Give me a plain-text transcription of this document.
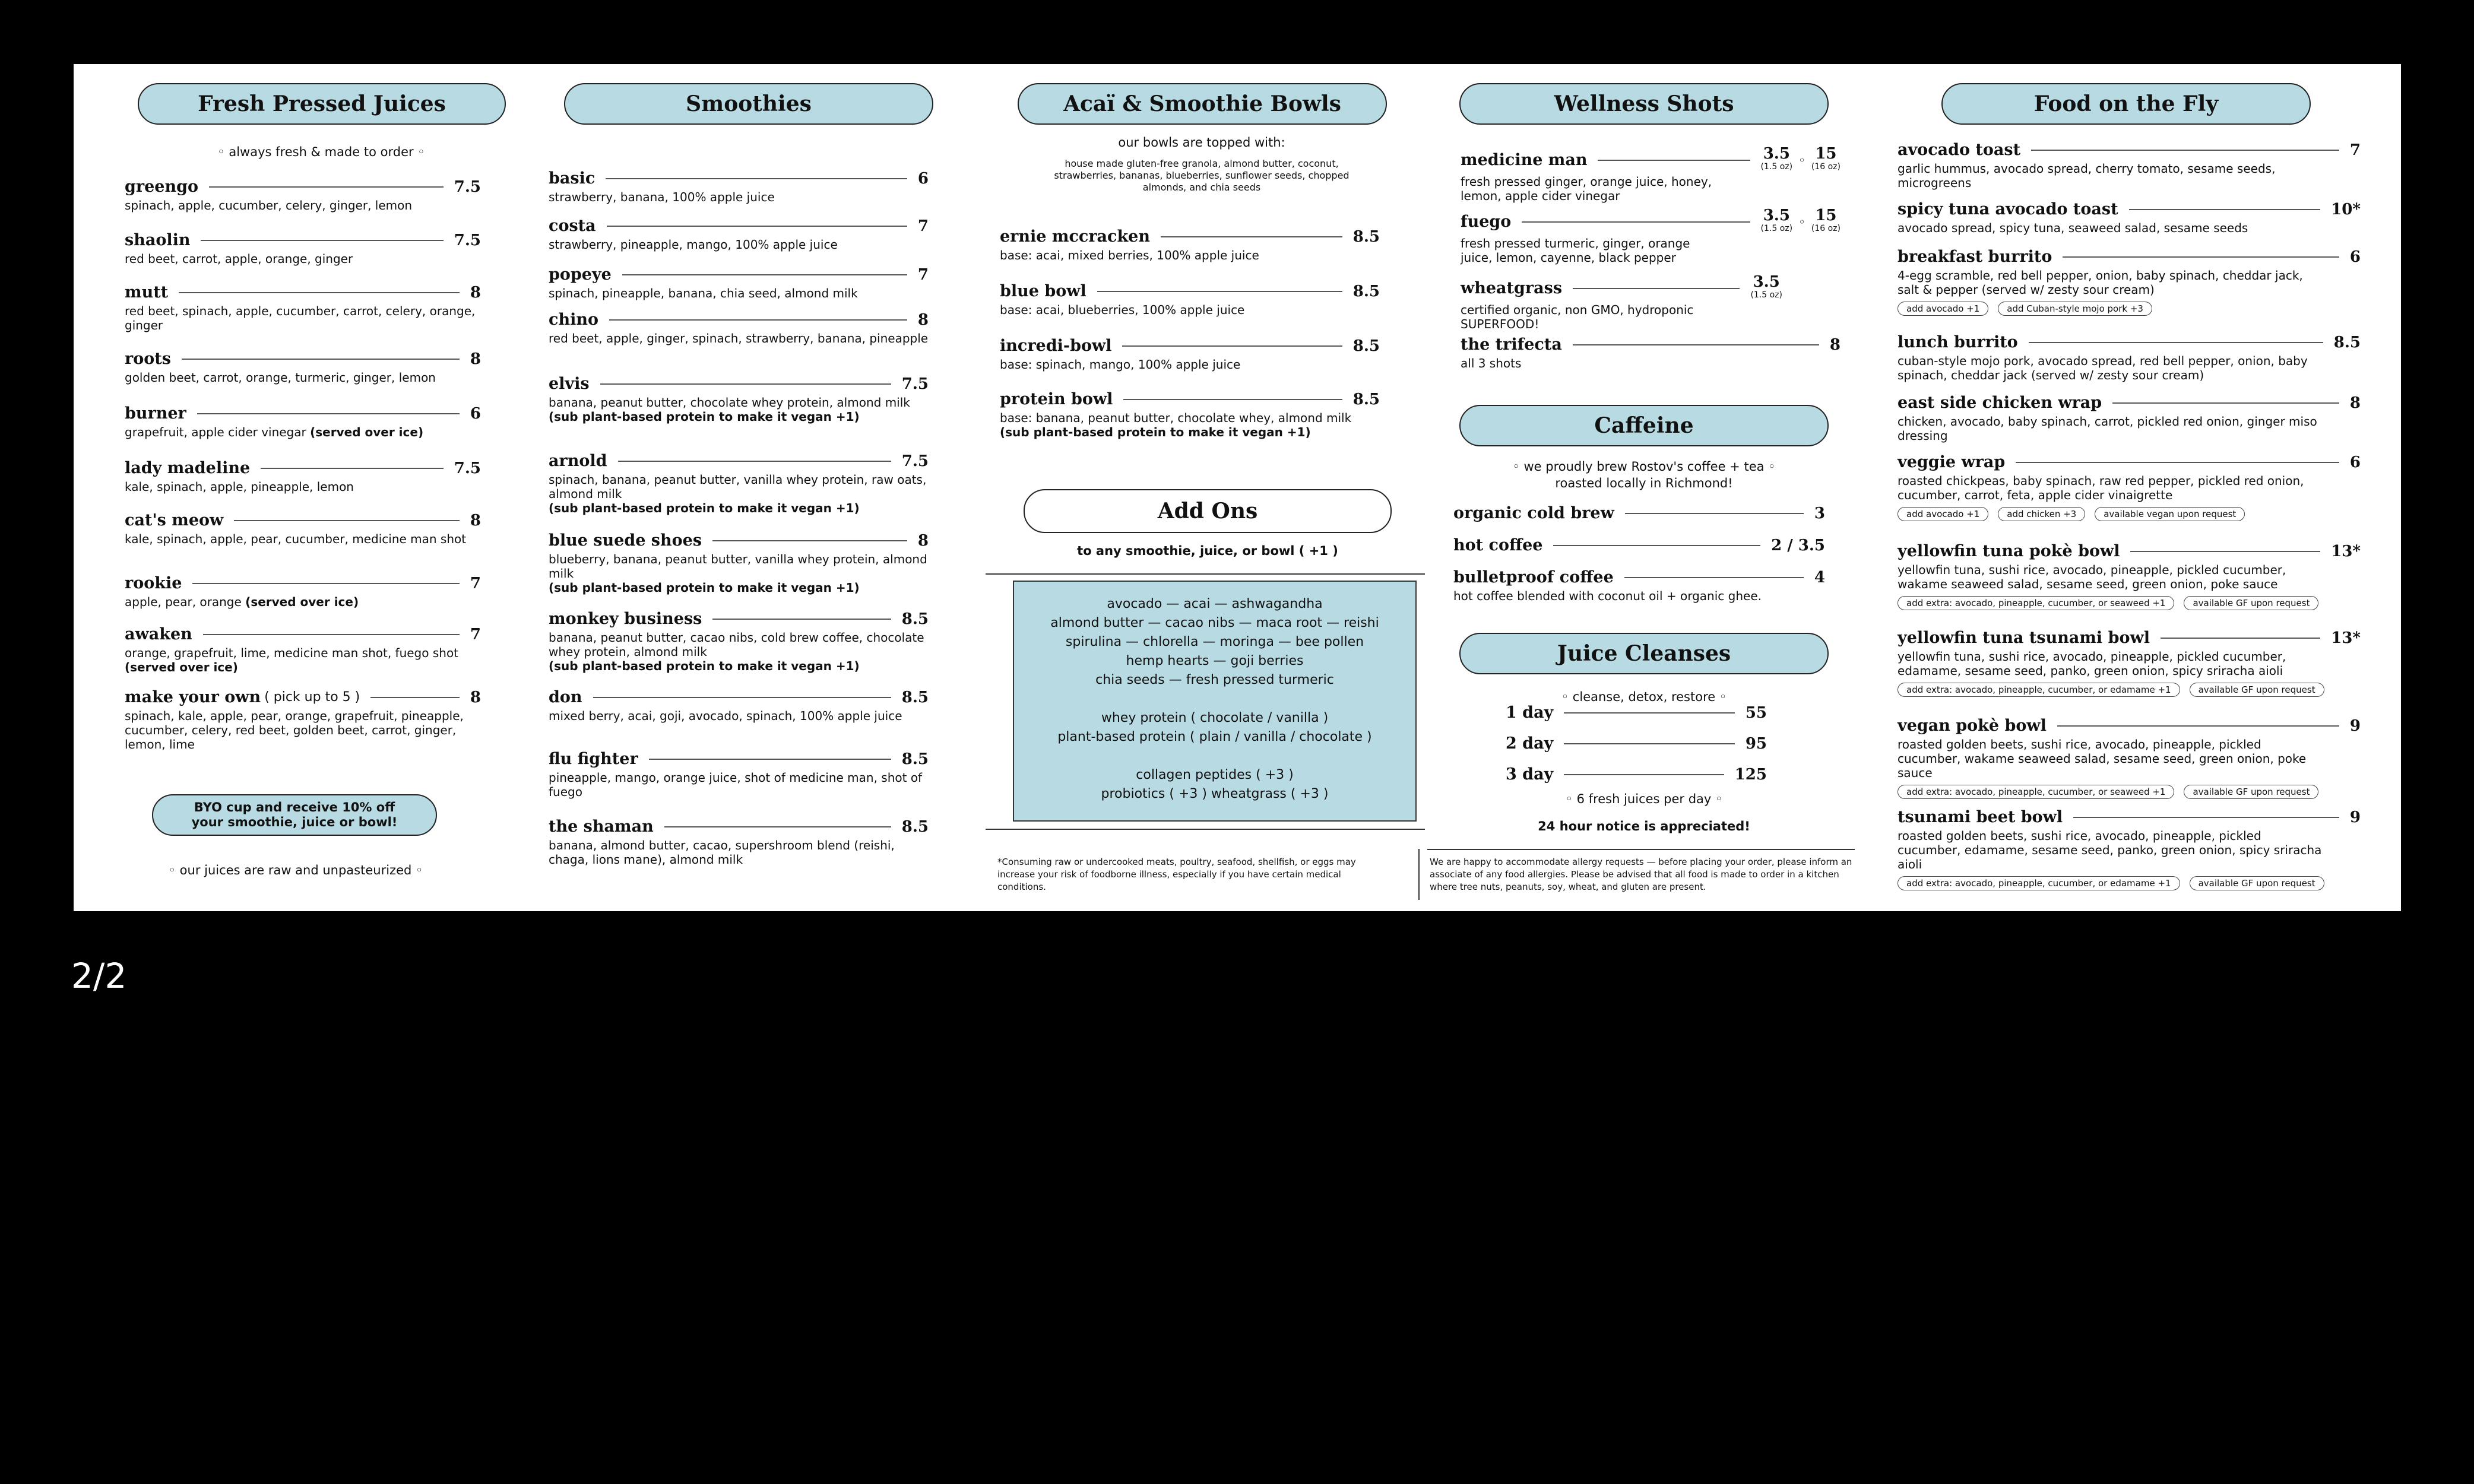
Fresh Pressed Juices
◦ always fresh & made to order ◦
greengo	7.5
spinach, apple, cucumber, celery, ginger, lemon
shaolin	7.5
red beet, carrot, apple, orange, ginger
mutt	8
red beet, spinach, apple, cucumber, carrot, celery, orange, ginger
roots	8
golden beet, carrot, orange, turmeric, ginger, lemon
burner	6
grapefruit, apple cider vinegar (served over ice)
lady madeline	7.5
kale, spinach, apple, pineapple, lemon
cat's meow	8
kale, spinach, apple, pear, cucumber, medicine man shot
rookie	7
apple, pear, orange (served over ice)
awaken	7
orange, grapefruit, lime, medicine man shot, fuego shot (served over ice)
make your own ( pick up to 5 )	8
spinach, kale, apple, pear, orange, grapefruit, pineapple, cucumber, celery, red beet, golden beet, carrot, ginger, lemon, lime
BYO cup and receive 10% off
your smoothie, juice or bowl!
◦ our juices are raw and unpasteurized ◦
Smoothies
basic	6
strawberry, banana, 100% apple juice
costa	7
strawberry, pineapple, mango, 100% apple juice
popeye	7
spinach, pineapple, banana, chia seed, almond milk
chino	8
red beet, apple, ginger, spinach, strawberry, banana, pineapple
elvis	7.5
banana, peanut butter, chocolate whey protein, almond milk
(sub plant-based protein to make it vegan +1)
arnold	7.5
spinach, banana, peanut butter, vanilla whey protein, raw oats, almond milk
(sub plant-based protein to make it vegan +1)
blue suede shoes	8
blueberry, banana, peanut butter, vanilla whey protein, almond milk
(sub plant-based protein to make it vegan +1)
monkey business	8.5
banana, peanut butter, cacao nibs, cold brew coffee, chocolate whey protein, almond milk
(sub plant-based protein to make it vegan +1)
don	8.5
mixed berry, acai, goji, avocado, spinach, 100% apple juice
flu fighter	8.5
pineapple, mango, orange juice, shot of medicine man, shot of fuego
the shaman	8.5
banana, almond butter, cacao, supershroom blend (reishi, chaga, lions mane), almond milk
Acaï & Smoothie Bowls
our bowls are topped with:
house made gluten-free granola, almond butter, coconut, strawberries, bananas, blueberries, sunflower seeds, chopped almonds, and chia seeds
ernie mccracken	8.5
base: acai, mixed berries, 100% apple juice
blue bowl	8.5
base: acai, blueberries, 100% apple juice
incredi-bowl	8.5
base: spinach, mango, 100% apple juice
protein bowl	8.5
base: banana, peanut butter, chocolate whey, almond milk
(sub plant-based protein to make it vegan +1)
Add Ons
to any smoothie, juice, or bowl ( +1 )
avocado — acai — ashwagandha
almond butter — cacao nibs — maca root — reishi
spirulina — chlorella — moringa — bee pollen
hemp hearts — goji berries
chia seeds — fresh pressed turmeric
whey protein ( chocolate / vanilla )
plant-based protein ( plain / vanilla / chocolate )
collagen peptides ( +3 )
probiotics ( +3 ) wheatgrass ( +3 )
*Consuming raw or undercooked meats, poultry, seafood, shellfish, or eggs may increase your risk of foodborne illness, especially if you have certain medical conditions.
Wellness Shots
medicine man	3.5
(1.5 oz) ◦ 15
(16 oz)
fresh pressed ginger, orange juice, honey, lemon, apple cider vinegar
fuego	3.5
(1.5 oz) ◦ 15
(16 oz)
fresh pressed turmeric, ginger, orange juice, lemon, cayenne, black pepper
wheatgrass	3.5
(1.5 oz)
certified organic, non GMO, hydroponic SUPERFOOD!
the trifecta	8
all 3 shots
Caffeine
◦ we proudly brew Rostov's coffee + tea ◦
roasted locally in Richmond!
organic cold brew	3
hot coffee	2 / 3.5
bulletproof coffee	4
hot coffee blended with coconut oil + organic ghee.
Juice Cleanses
◦ cleanse, detox, restore ◦
1 day	55
2 day	95
3 day	125
◦ 6 fresh juices per day ◦
24 hour notice is appreciated!
We are happy to accommodate allergy requests — before placing your order, please inform an associate of any food allergies. Please be advised that all food is made to order in a kitchen where tree nuts, peanuts, soy, wheat, and gluten are present.
Food on the Fly
avocado toast	7
garlic hummus, avocado spread, cherry tomato, sesame seeds, microgreens
spicy tuna avocado toast	10*
avocado spread, spicy tuna, seaweed salad, sesame seeds
breakfast burrito	6
4-egg scramble, red bell pepper, onion, baby spinach, cheddar jack, salt & pepper (served w/ zesty sour cream)
add avocado +1	add Cuban-style mojo pork +3
lunch burrito	8.5
cuban-style mojo pork, avocado spread, red bell pepper, onion, baby spinach, cheddar jack (served w/ zesty sour cream)
east side chicken wrap	8
chicken, avocado, baby spinach, carrot, pickled red onion, ginger miso dressing
veggie wrap	6
roasted chickpeas, baby spinach, raw red pepper, pickled red onion, cucumber, carrot, feta, apple cider vinaigrette
add avocado +1	add chicken +3	available vegan upon request
yellowfin tuna pokè bowl	13*
yellowfin tuna, sushi rice, avocado, pineapple, pickled cucumber, wakame seaweed salad, sesame seed, green onion, poke sauce
add extra: avocado, pineapple, cucumber, or seaweed +1	available GF upon request
yellowfin tuna tsunami bowl	13*
yellowfin tuna, sushi rice, avocado, pineapple, pickled cucumber, edamame, sesame seed, panko, green onion, spicy sriracha aioli
add extra: avocado, pineapple, cucumber, or edamame +1	available GF upon request
vegan pokè bowl	9
roasted golden beets, sushi rice, avocado, pineapple, pickled cucumber, wakame seaweed salad, sesame seed, green onion, poke sauce
add extra: avocado, pineapple, cucumber, or seaweed +1	available GF upon request
tsunami beet bowl	9
roasted golden beets, sushi rice, avocado, pineapple, pickled cucumber, edamame, sesame seed, panko, green onion, spicy sriracha aioli
add extra: avocado, pineapple, cucumber, or edamame +1	available GF upon request
2/2
